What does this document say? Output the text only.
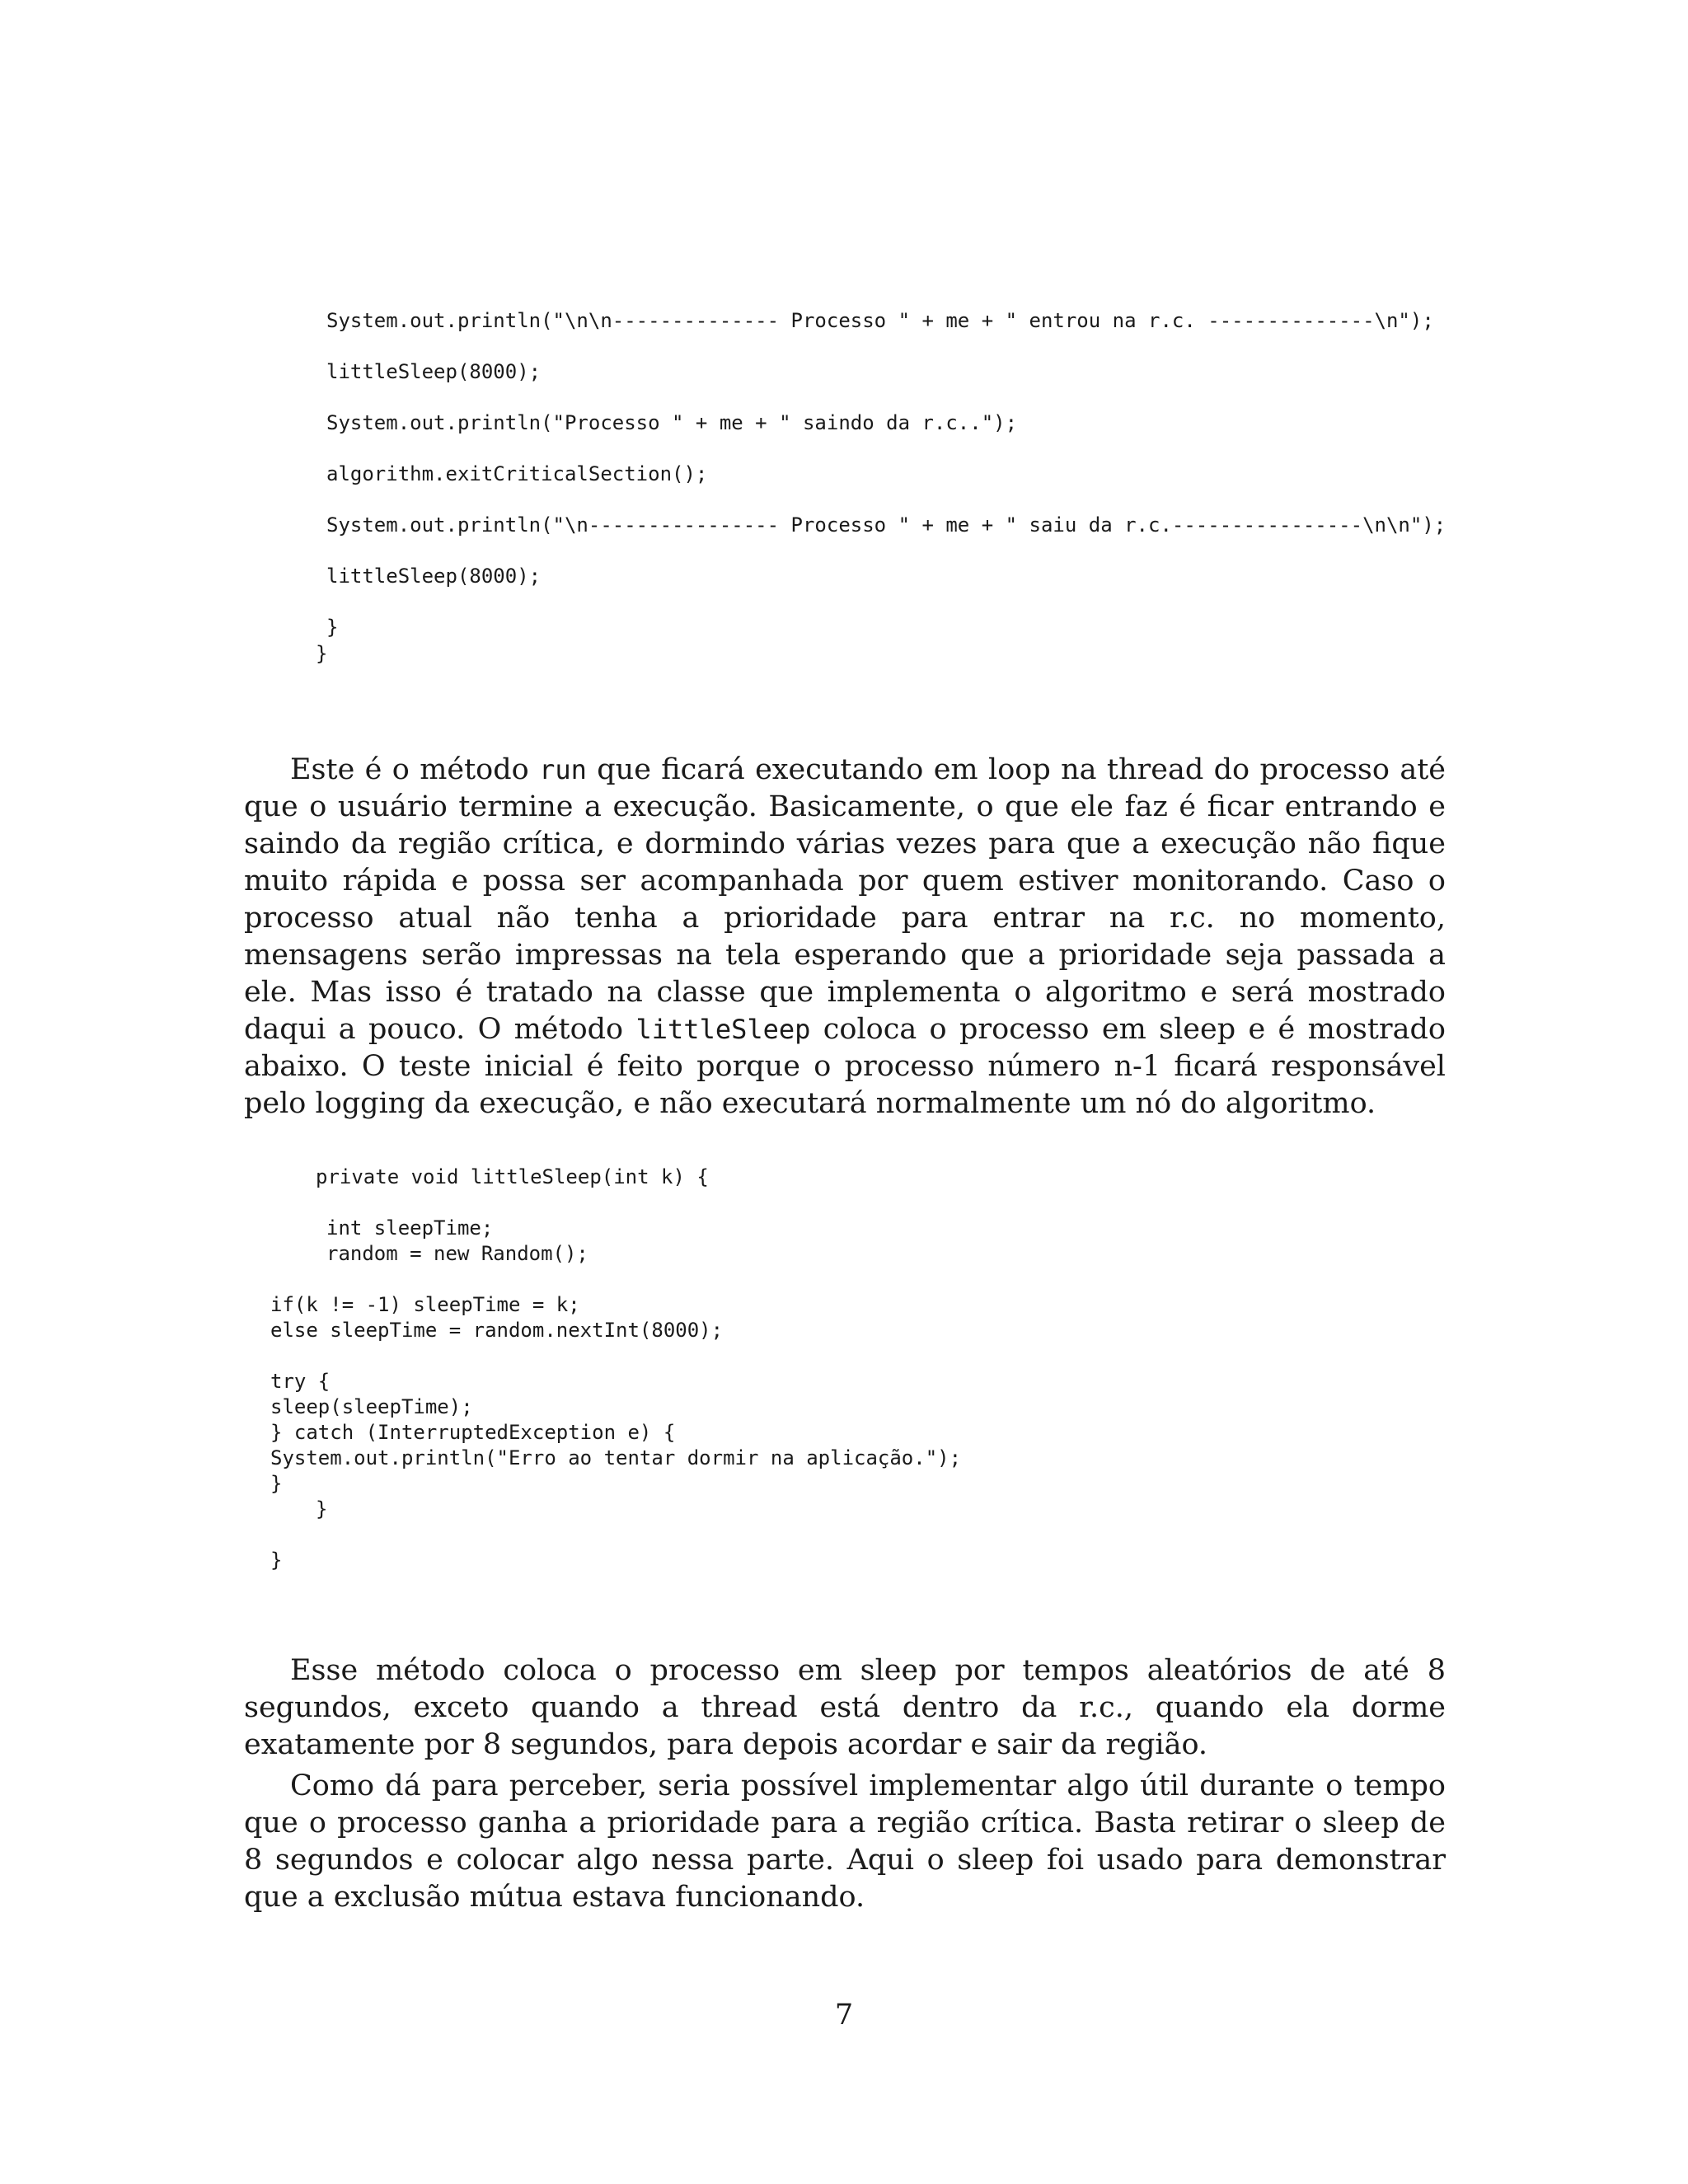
System.out.println("\n\n-------------- Processo " + me + " entrou na r.c. --------------\n");
littleSleep(8000);
System.out.println("Processo " + me + " saindo da r.c..");
algorithm.exitCriticalSection();
System.out.println("\n---------------- Processo " + me + " saiu da r.c.----------------\n\n");
littleSleep(8000);
}
}

Este é o método run que ficará executando em loop na thread do processo até que o usuário termine a execução. Basicamente, o que ele faz é ficar entrando e saindo da região crítica, e dormindo várias vezes para que a execução não fique muito rápida e possa ser acompanhada por quem estiver monitorando. Caso o processo atual não tenha a prioridade para entrar na r.c. no momento, mensagens serão impressas na tela esperando que a prioridade seja passada a ele. Mas isso é tratado na classe que implementa o algoritmo e será mostrado daqui a pouco. O método littleSleep coloca o processo em sleep e é mostrado abaixo. O teste inicial é feito porque o processo número n-1 ficará responsável pelo logging da execução, e não executará normalmente um nó do algoritmo.

private void littleSleep(int k) {
int sleepTime;
random = new Random();
if(k != -1) sleepTime = k;
else sleepTime = random.nextInt(8000);
try {
sleep(sleepTime);
} catch (InterruptedException e) {
System.out.println("Erro ao tentar dormir na aplicação.");
}
}
}

Esse método coloca o processo em sleep por tempos aleatórios de até 8 segundos, exceto quando a thread está dentro da r.c., quando ela dorme exatamente por 8 segundos, para depois acordar e sair da região.

Como dá para perceber, seria possível implementar algo útil durante o tempo que o processo ganha a prioridade para a região crítica. Basta retirar o sleep de 8 segundos e colocar algo nessa parte. Aqui o sleep foi usado para demonstrar que a exclusão mútua estava funcionando.

7
